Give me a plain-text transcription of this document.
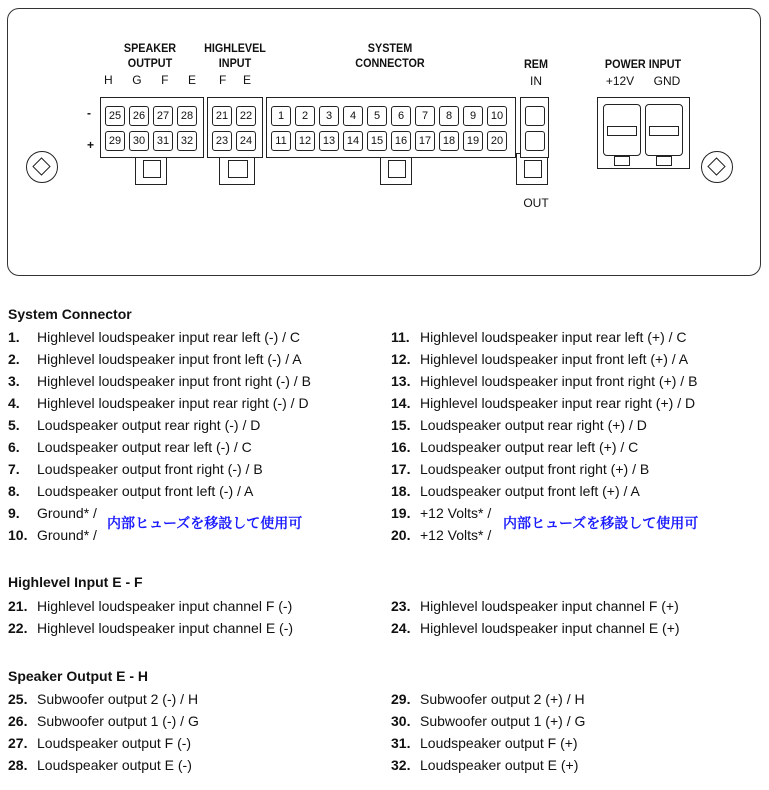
SPEAKER
OUTPUT
H G F E
HIGHLEVEL
INPUT
F E
SYSTEM
CONNECTOR	REM
IN
OUT
POWER INPUT
+12V	GND
-
+
25	26	27	28
29	30	31	32
21	22
23	24
1	2	3	4	5	6	7	8	9	10
11	12	13	14	15	16	17	18	19	20
System Connector
1. Highlevel loudspeaker input rear left (-) / C
2. Highlevel loudspeaker input front left (-) / A
3. Highlevel loudspeaker input front right (-) / B
4. Highlevel loudspeaker input rear right (-) / D
5. Loudspeaker output rear right (-) / D
6. Loudspeaker output rear left (-) / C
7. Loudspeaker output front right (-) / B
8. Loudspeaker output front left (-) / A
9. Ground* /
10. Ground* /
内部ヒューズを移設して使用可
11. Highlevel loudspeaker input rear left (+) / C
12. Highlevel loudspeaker input front left (+) / A
13. Highlevel loudspeaker input front right (+) / B
14. Highlevel loudspeaker input rear right (+) / D
15. Loudspeaker output rear right (+) / D
16. Loudspeaker output rear left (+) / C
17. Loudspeaker output front right (+) / B
18. Loudspeaker output front left (+) / A
19. +12 Volts* /
20. +12 Volts* /
内部ヒューズを移設して使用可
Highlevel Input E - F
21. Highlevel loudspeaker input channel F (-)
22. Highlevel loudspeaker input channel E (-)
23. Highlevel loudspeaker input channel F (+)
24. Highlevel loudspeaker input channel E (+)
Speaker Output E - H
25. Subwoofer output 2 (-) / H
26. Subwoofer output 1 (-) / G
27. Loudspeaker output F (-)
28. Loudspeaker output E (-)
29. Subwoofer output 2 (+) / H
30. Subwoofer output 1 (+) / G
31. Loudspeaker output F (+)
32. Loudspeaker output E (+)
